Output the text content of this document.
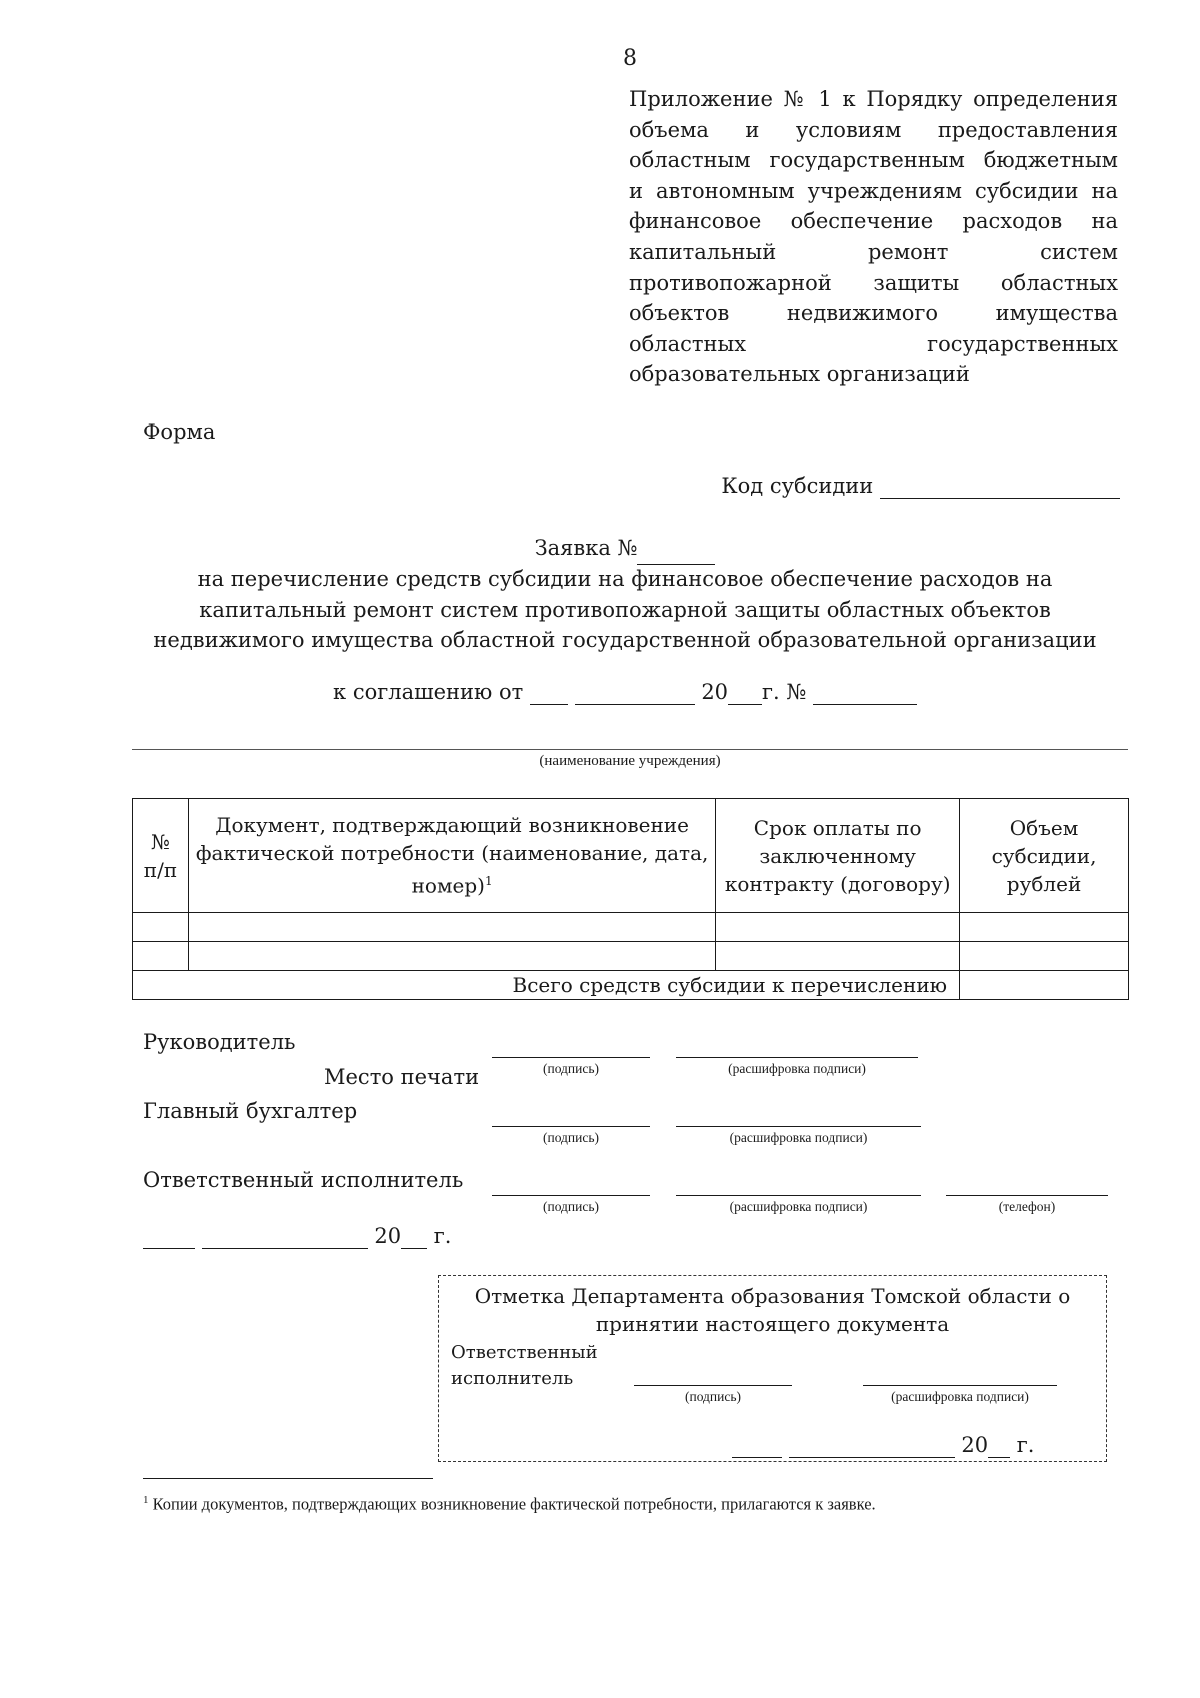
8
Приложение № 1 к Порядку определения
объема и условиям предоставления
областным государственным бюджетным
и автономным учреждениям субсидии на
финансовое обеспечение расходов на
капитальный ремонт систем
противопожарной защиты областных
объектов недвижимого имущества
областных государственных
образовательных организаций
Форма
Код субсидии
Заявка №
на перечисление средств субсидии на финансовое обеспечение расходов на
капитальный ремонт систем противопожарной защиты областных объектов
недвижимого имущества областной государственной образовательной организации
к соглашению от	20 г. №
(наименование учреждения)
№ п/п	Документ, подтверждающий возникновение фактической потребности (наименование, дата, номер)$^1$	Срок оплаты по заключенному контракту (договору)	Объем субсидии, рублей

Всего средств субсидии к перечислению			
Руководитель
(подпись)	(расшифровка подписи)
Место печати
Главный бухгалтер
(подпись)	(расшифровка подписи)
Ответственный исполнитель
(подпись)	(расшифровка подписи)	(телефон)
20 г.
Отметка Департамента образования Томской области о
принятии настоящего документа
Ответственный
исполнитель
(подпись)	(расшифровка подписи)
20 г.
$^1$ Копии документов, подтверждающих возникновение фактической потребности, прилагаются к заявке.
